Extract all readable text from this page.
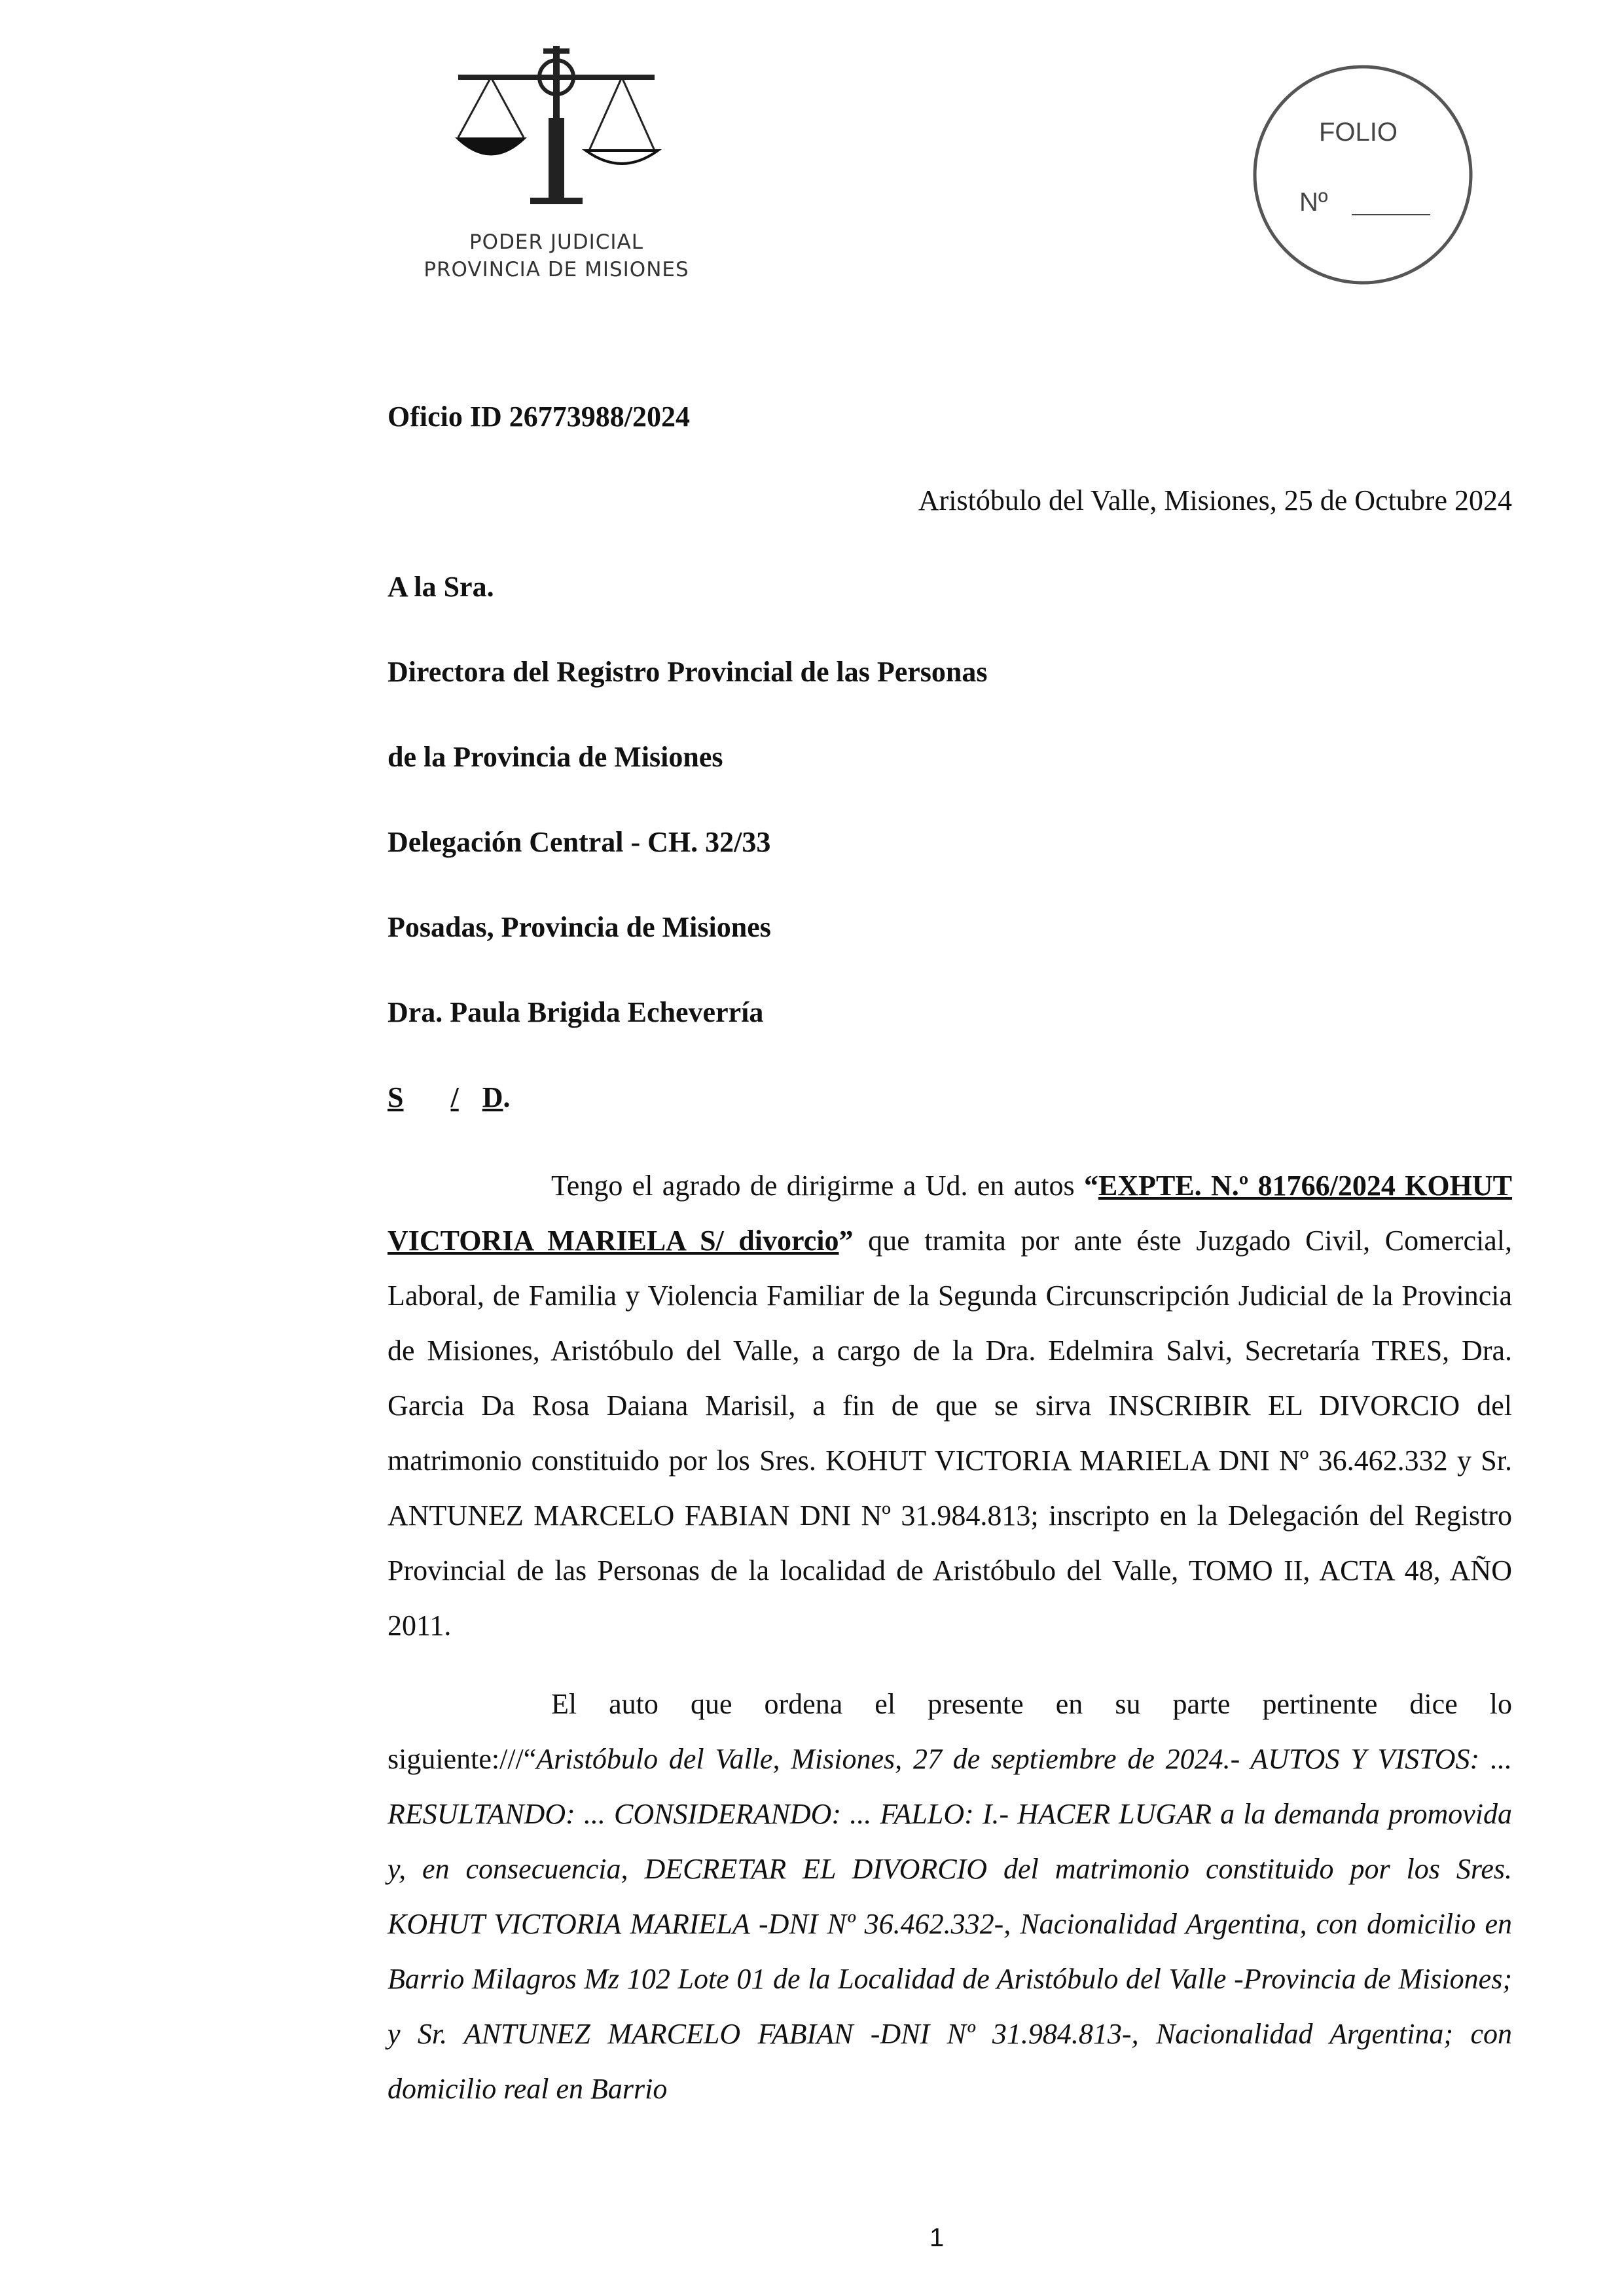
PODER JUDICIAL
PROVINCIA DE MISIONES
FOLIO
Nº
Oficio ID 26773988/2024
Aristóbulo del Valle, Misiones, 25 de Octubre 2024
A la Sra.
Directora del Registro Provincial de las Personas
de la Provincia de Misiones
Delegación Central - CH. 32/33
Posadas, Provincia de Misiones
Dra. Paula Brigida Echeverría
S / D.
Tengo el agrado de dirigirme a Ud. en autos “EXPTE. N.º 81766/2024 KOHUT VICTORIA MARIELA S/ divorcio” que tramita por ante éste Juzgado Civil, Comercial, Laboral, de Familia y Violencia Familiar de la Segunda Circunscripción Judicial de la Provincia de Misiones, Aristóbulo del Valle, a cargo de la Dra. Edelmira Salvi, Secretaría TRES, Dra. Garcia Da Rosa Daiana Marisil, a fin de que se sirva INSCRIBIR EL DIVORCIO del matrimonio constituido por los Sres. KOHUT VICTORIA MARIELA DNI Nº 36.462.332 y Sr. ANTUNEZ MARCELO FABIAN DNI Nº 31.984.813; inscripto en la Delegación del Registro Provincial de las Personas de la localidad de Aristóbulo del Valle, TOMO II, ACTA 48, AÑO 2011.
El auto que ordena el presente en su parte pertinente dice lo siguiente:///“Aristóbulo del Valle, Misiones, 27 de septiembre de 2024.- AUTOS Y VISTOS: ... RESULTANDO: ... CONSIDERANDO: ... FALLO: I.- HACER LUGAR a la demanda promovida y, en consecuencia, DECRETAR EL DIVORCIO del matrimonio constituido por los Sres. KOHUT VICTORIA MARIELA -DNI Nº 36.462.332-, Nacionalidad Argentina, con domicilio en Barrio Milagros Mz 102 Lote 01 de la Localidad de Aristóbulo del Valle -Provincia de Misiones; y Sr. ANTUNEZ MARCELO FABIAN -DNI Nº 31.984.813-, Nacionalidad Argentina; con domicilio real en Barrio
1
